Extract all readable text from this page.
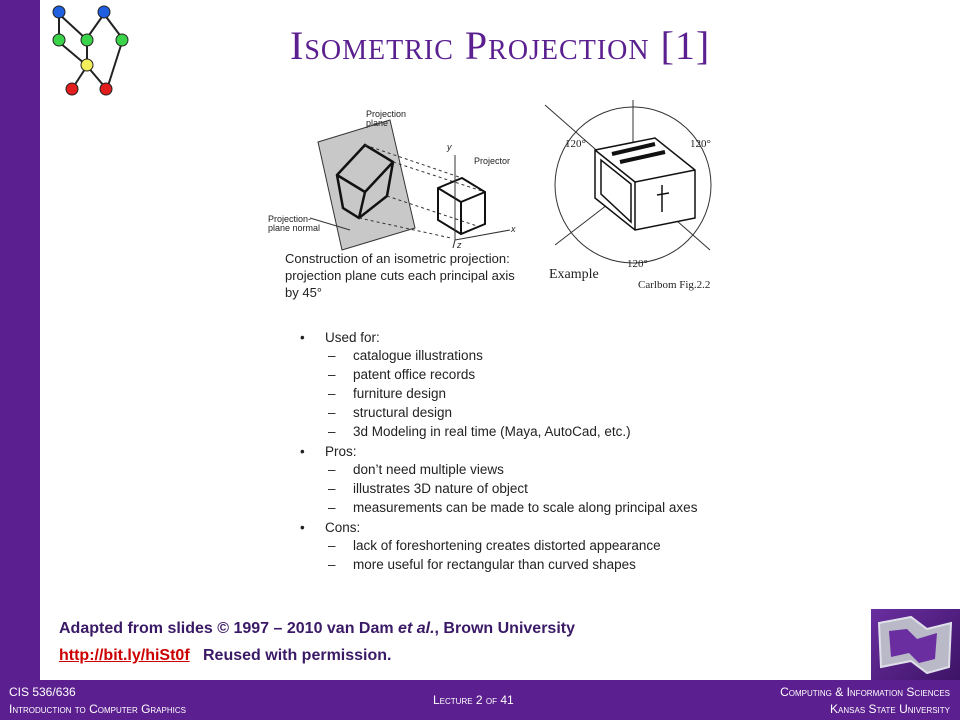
Isometric Projection [1]
Projection plane
Projector
Projection-plane normal
y
x
z
120°	120°
120°
Construction of an isometric projection: projection plane cuts each principal axis by 45°
Example
Carlbom Fig.2.2
• Used for:
– catalogue illustrations
– patent office records
– furniture design
– structural design
– 3d Modeling in real time (Maya, AutoCad, etc.)
• Pros:
– don’t need multiple views
– illustrates 3D nature of object
– measurements can be made to scale along principal axes
• Cons:
– lack of foreshortening creates distorted appearance
– more useful for rectangular than curved shapes
Adapted from slides © 1997 – 2010 van Dam et al., Brown University
http://bit.ly/hiSt0f Reused with permission.
CIS 536/636
Introduction to Computer Graphics
Lecture 2 of 41
Computing & Information Sciences
Kansas State University
